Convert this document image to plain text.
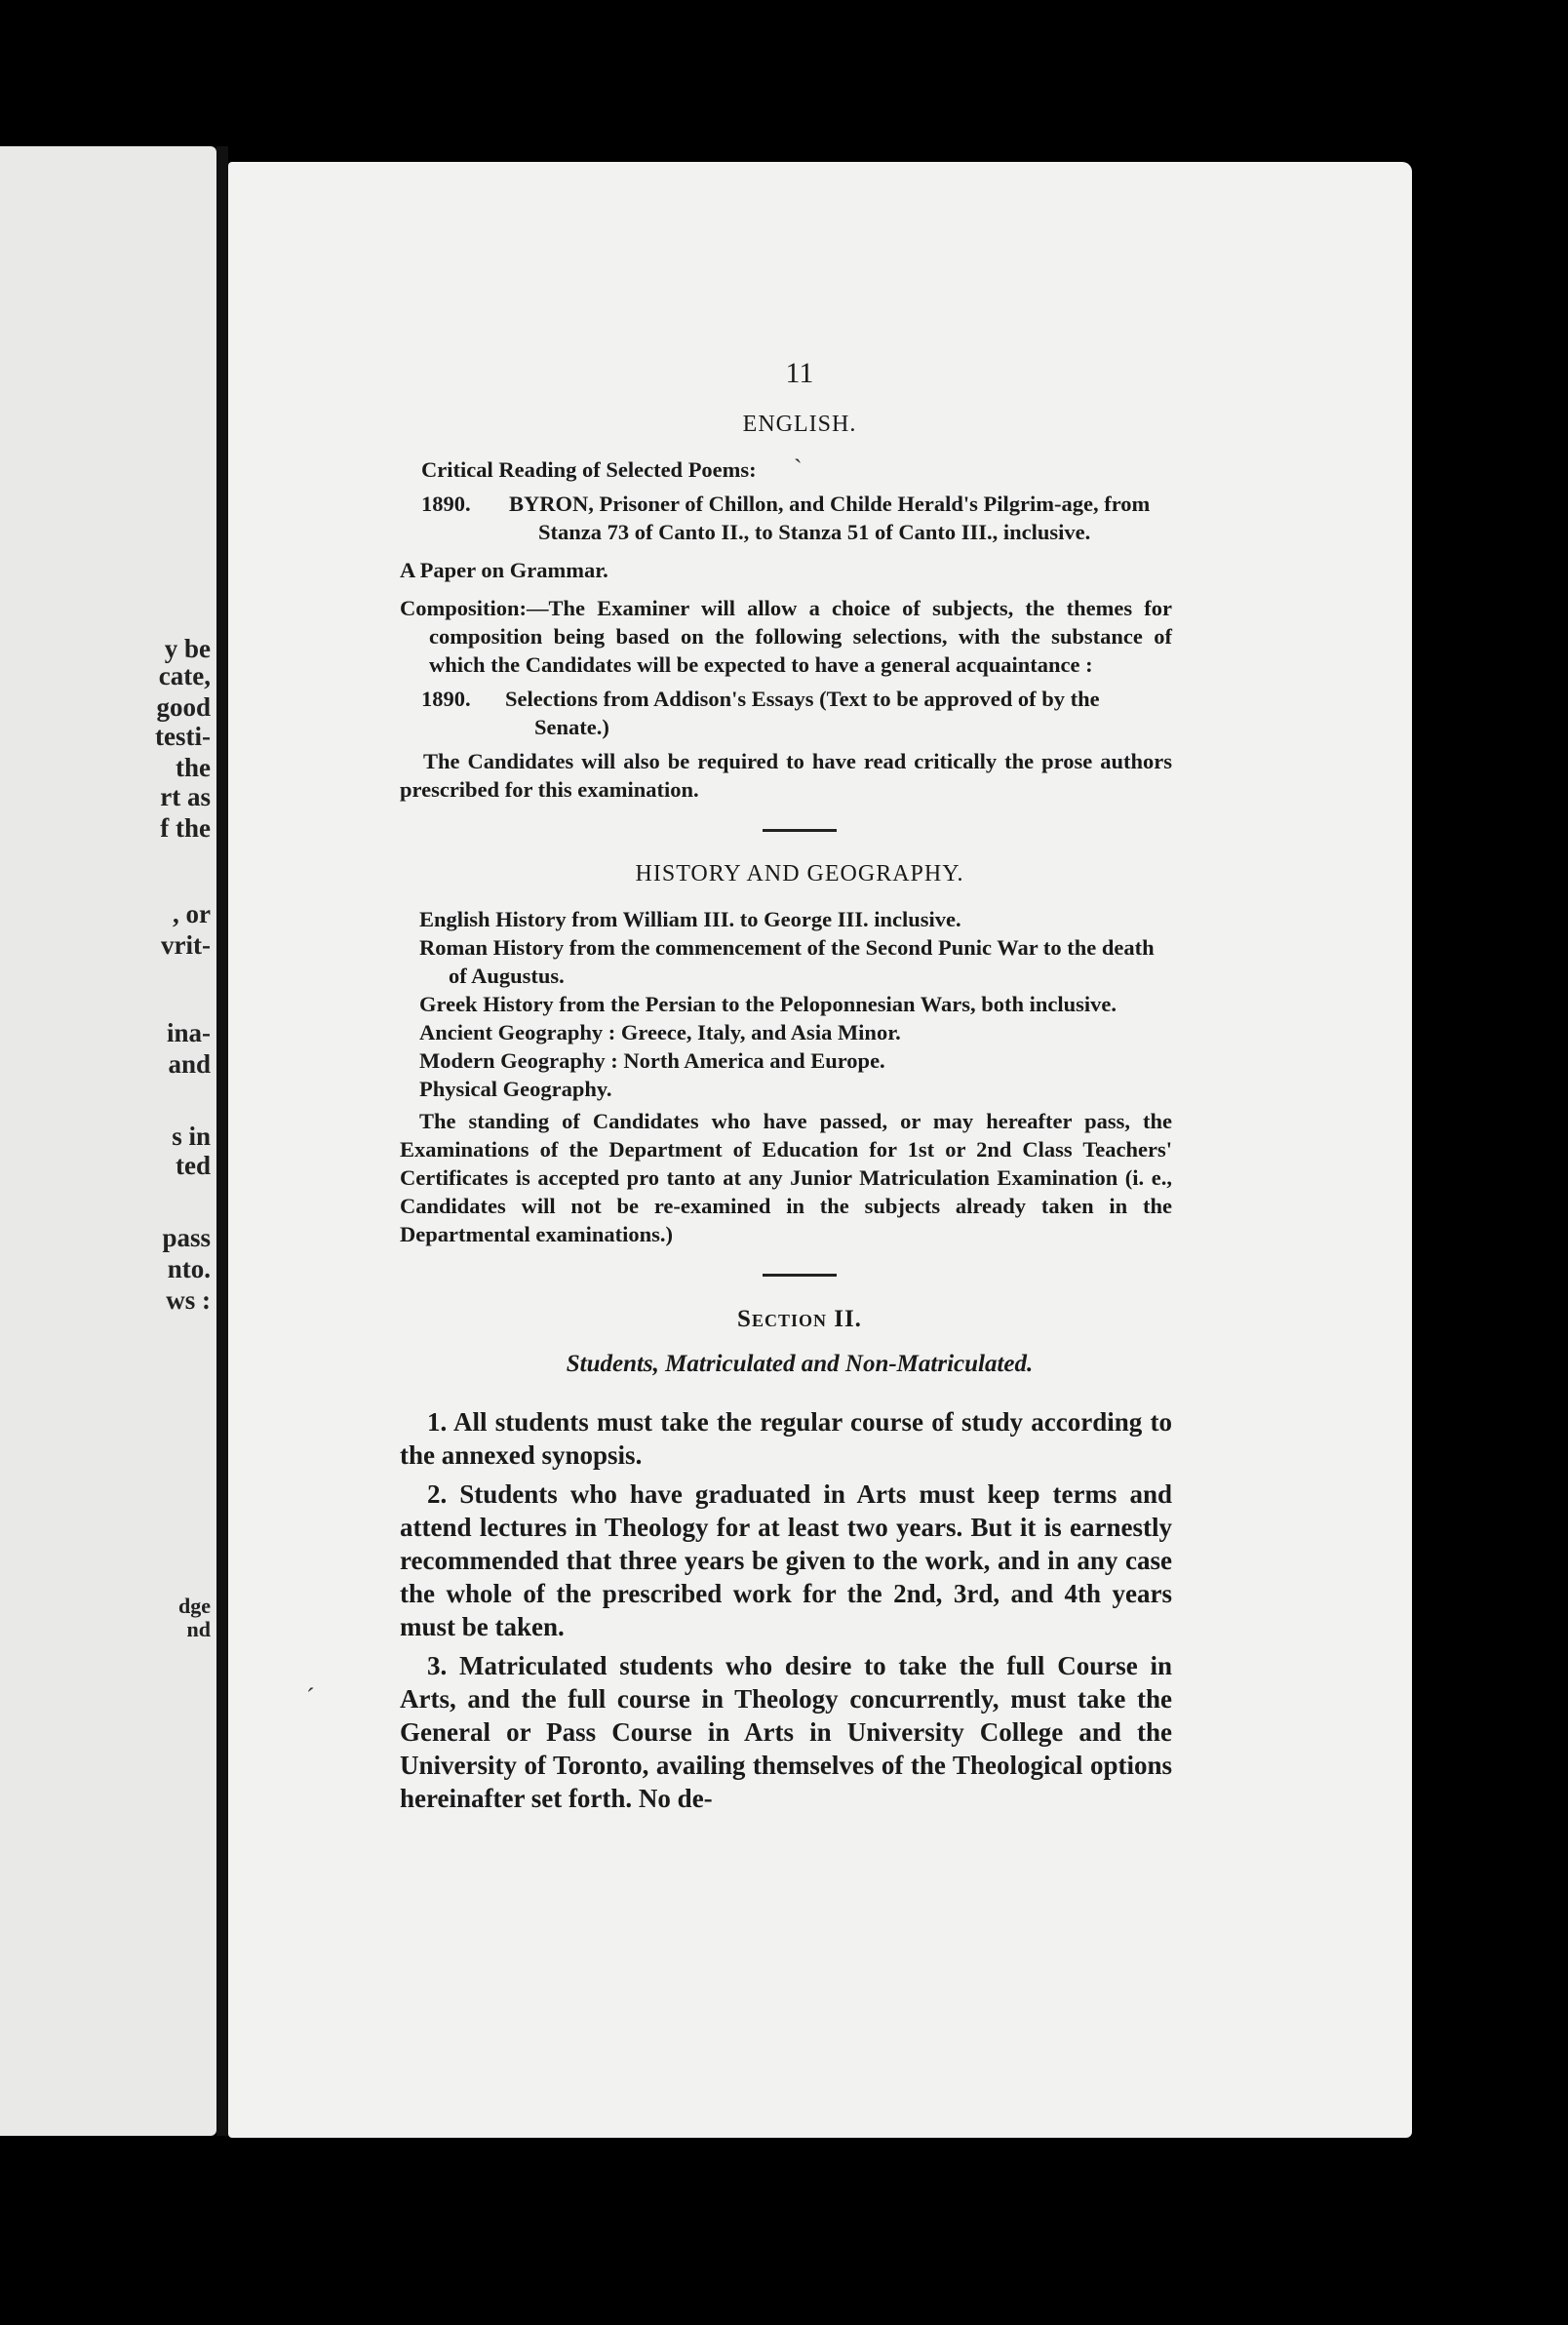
y be
cate,
good
testi-
the
rt as
f the
, or
vrit-
ina-
and
s in
ted
pass
nto.
ws :
dge
nd
ˎ
ˊ
11
ENGLISH.

Critical Reading of Selected Poems:

1890.	BYRON, Prisoner of Chillon, and Childe Herald's Pilgrim-age, from Stanza 73 of Canto II., to Stanza 51 of Canto III., inclusive.

A Paper on Grammar.

Composition:—The Examiner will allow a choice of subjects, the themes for composition being based on the following selections, with the substance of which the Candidates will be expected to have a general acquaintance :

1890.	Selections from Addison's Essays (Text to be approved of by the Senate.)

The Candidates will also be required to have read critically the prose authors prescribed for this examination.

HISTORY AND GEOGRAPHY.

English History from William III. to George III. inclusive.

Roman History from the commencement of the Second Punic War to the death of Augustus.

Greek History from the Persian to the Peloponnesian Wars, both inclusive.

Ancient Geography : Greece, Italy, and Asia Minor.

Modern Geography : North America and Europe.

Physical Geography.

The standing of Candidates who have passed, or may hereafter pass, the Examinations of the Department of Education for 1st or 2nd Class Teachers' Certificates is accepted pro tanto at any Junior Matriculation Examination (i. e., Candidates will not be re-examined in the subjects already taken in the Departmental examinations.)

Section II.
Students, Matriculated and Non-Matriculated.

1. All students must take the regular course of study according to the annexed synopsis.

2. Students who have graduated in Arts must keep terms and attend lectures in Theology for at least two years. But it is earnestly recommended that three years be given to the work, and in any case the whole of the prescribed work for the 2nd, 3rd, and 4th years must be taken.

3. Matriculated students who desire to take the full Course in Arts, and the full course in Theology concurrently, must take the General or Pass Course in Arts in University College and the University of Toronto, availing themselves of the Theological options hereinafter set forth. No de-
